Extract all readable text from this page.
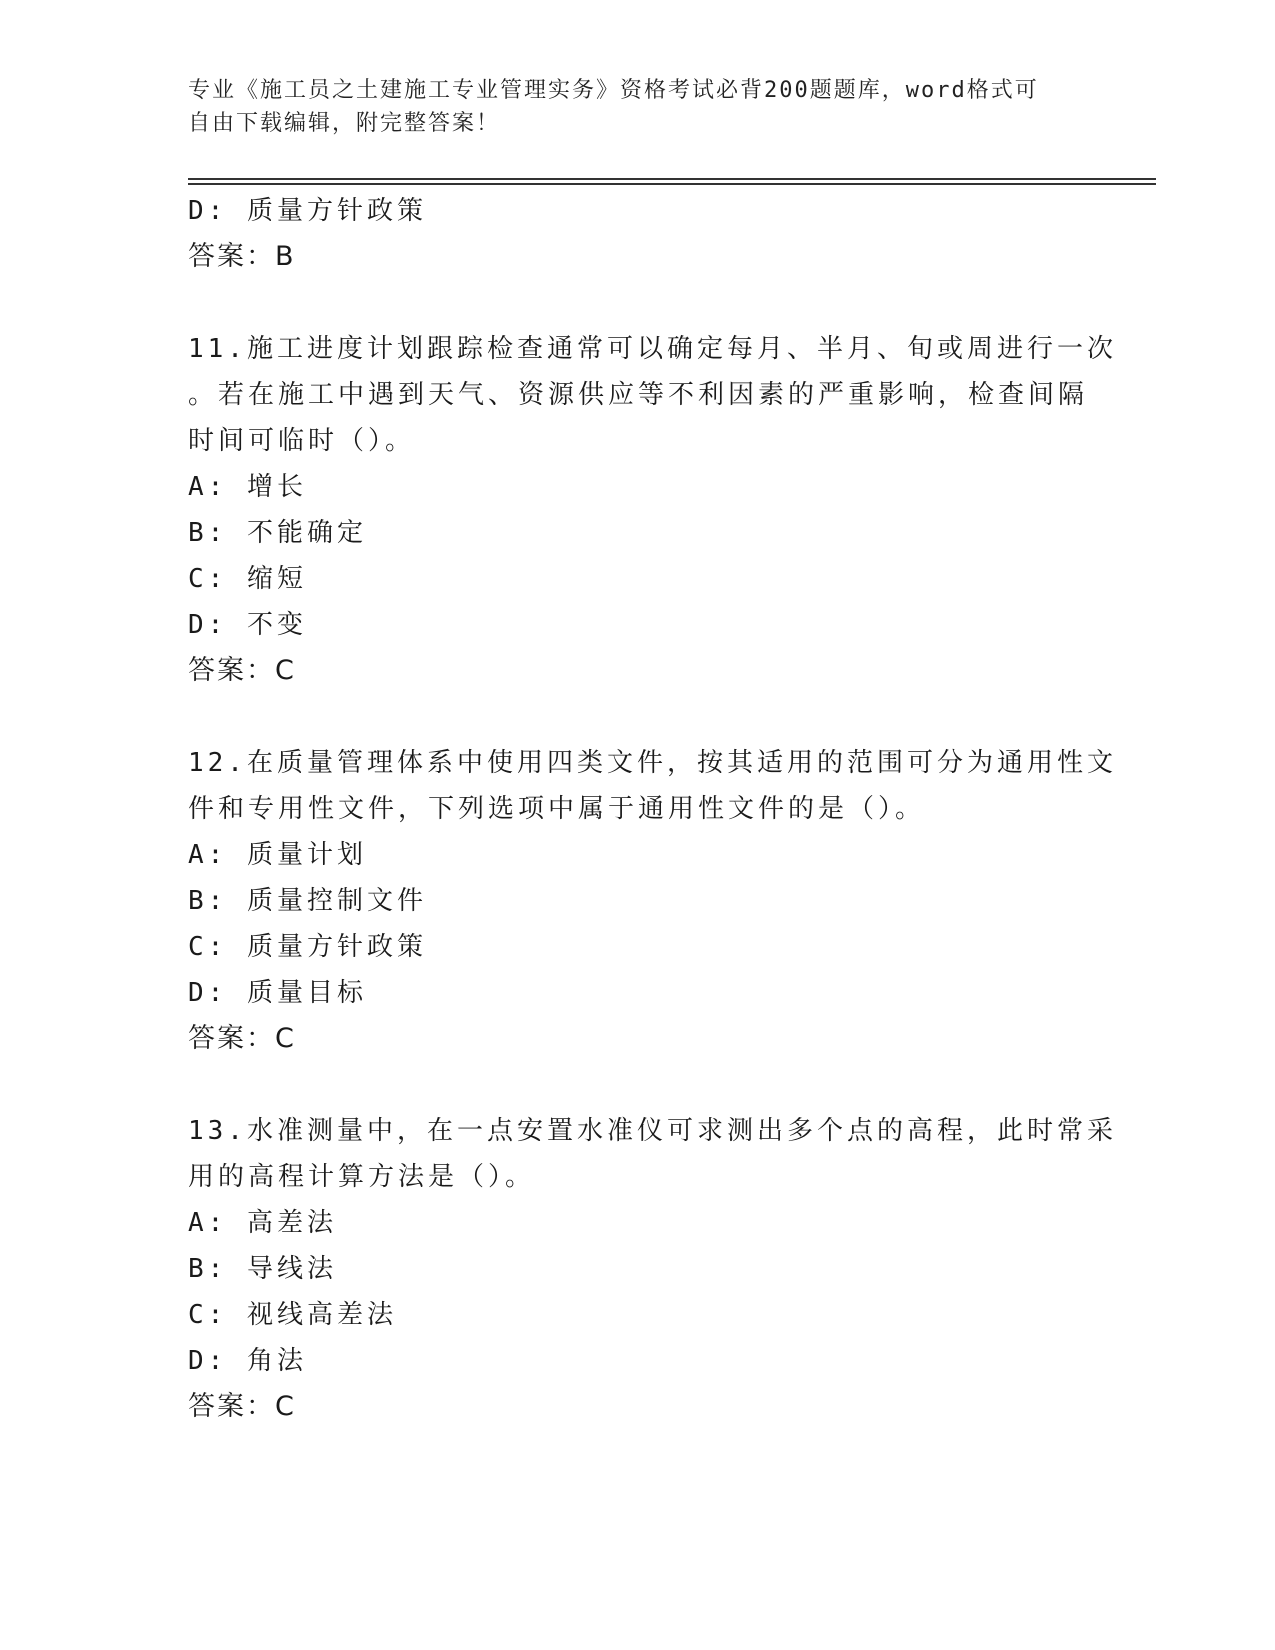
专业《施工员之土建施工专业管理实务》资格考试必背200题题库，word格式可
自由下载编辑，附完整答案！
D: 质量方针政策
答案：B
11.施工进度计划跟踪检查通常可以确定每月、半月、旬或周进行一次
。若在施工中遇到天气、资源供应等不利因素的严重影响，检查间隔
时间可临时（）。
A: 增长
B: 不能确定
C: 缩短
D: 不变
答案：C
12.在质量管理体系中使用四类文件，按其适用的范围可分为通用性文
件和专用性文件，下列选项中属于通用性文件的是（）。
A: 质量计划
B: 质量控制文件
C: 质量方针政策
D: 质量目标
答案：C
13.水准测量中，在一点安置水准仪可求测出多个点的高程，此时常采
用的高程计算方法是（）。
A: 高差法
B: 导线法
C: 视线高差法
D: 角法
答案：C
